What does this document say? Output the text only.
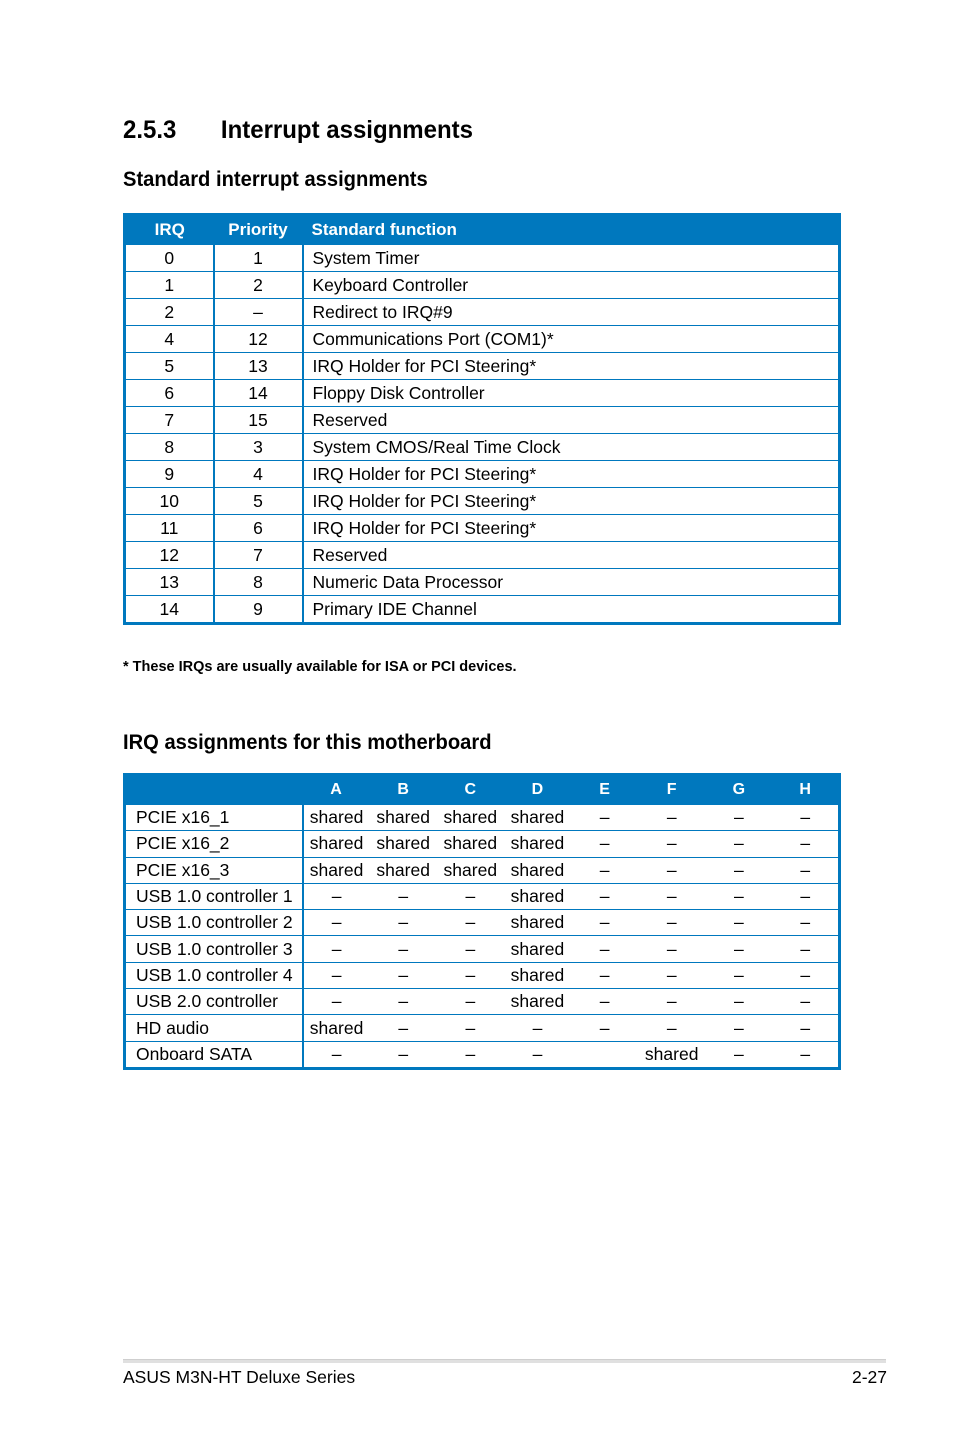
2.5.3 Interrupt assignments
Standard interrupt assignments
IRQ	Priority	Standard function
0	1	System Timer
1	2	Keyboard Controller
2	–	Redirect to IRQ#9
4	12	Communications Port (COM1)*
5	13	IRQ Holder for PCI Steering*
6	14	Floppy Disk Controller
7	15	Reserved
8	3	System CMOS/Real Time Clock
9	4	IRQ Holder for PCI Steering*
10	5	IRQ Holder for PCI Steering*
11	6	IRQ Holder for PCI Steering*
12	7	Reserved
13	8	Numeric Data Processor
14	9	Primary IDE Channel

* These IRQs are usually available for ISA or PCI devices.

IRQ assignments for this motherboard
	A	B	C	D	E	F	G	H
PCIE x16_1	shared	shared	shared	shared	–	–	–	–
PCIE x16_2	shared	shared	shared	shared	–	–	–	–
PCIE x16_3	shared	shared	shared	shared	–	–	–	–
USB 1.0 controller 1	–	–	–	shared	–	–	–	–
USB 1.0 controller 2	–	–	–	shared	–	–	–	–
USB 1.0 controller 3	–	–	–	shared	–	–	–	–
USB 1.0 controller 4	–	–	–	shared	–	–	–	–
USB 2.0 controller	–	–	–	shared	–	–	–	–
HD audio	shared	–	–	–	–	–	–	–
Onboard SATA	–	–	–	–		shared	–	–
ASUS M3N-HT Deluxe Series	2-27
